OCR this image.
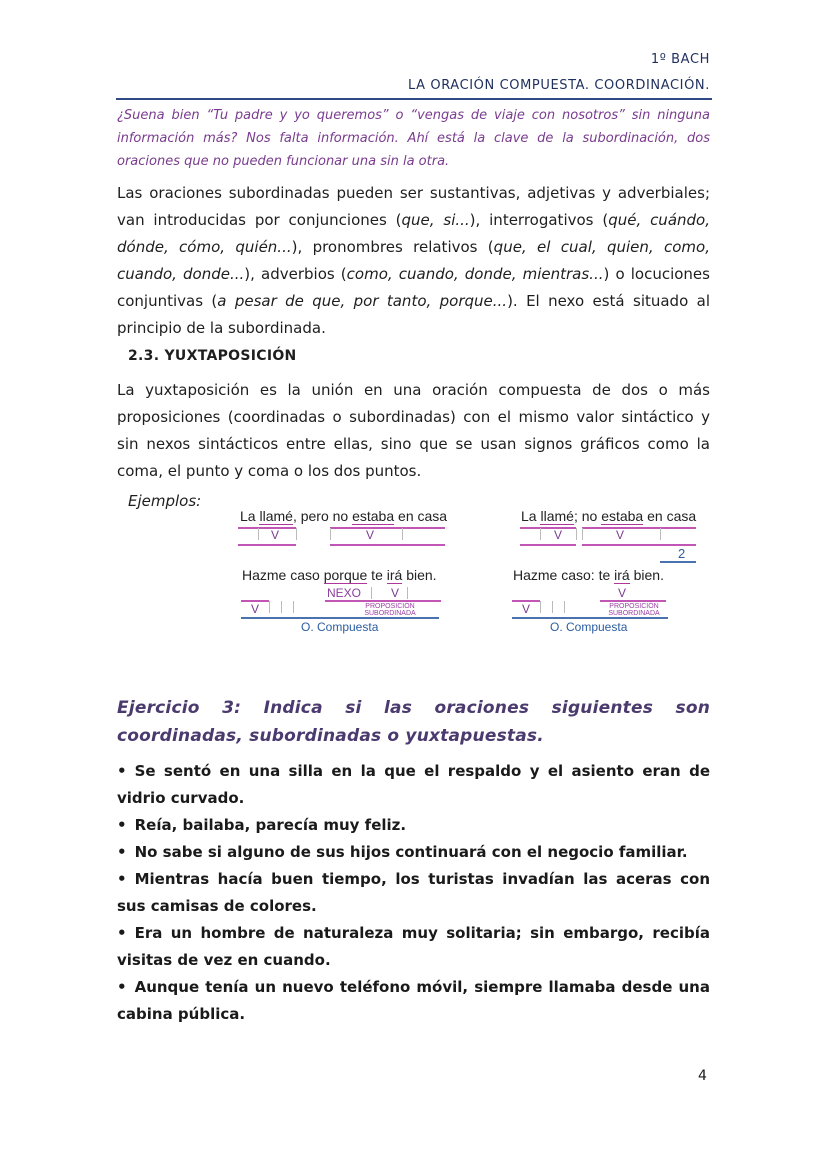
1º BACH
LA ORACIÓN COMPUESTA. COORDINACIÓN.
¿Suena bien “Tu padre y yo queremos” o “vengas de viaje con nosotros” sin ninguna información más? Nos falta información. Ahí está la clave de la subordinación, dos oraciones que no pueden funcionar una sin la otra.
Las oraciones subordinadas pueden ser sustantivas, adjetivas y adverbiales; van introducidas por conjunciones (que, si...), interrogativos (qué, cuándo, dónde, cómo, quién...), pronombres relativos (que, el cual, quien, como, cuando, donde...), adverbios (como, cuando, donde, mientras...) o locuciones conjuntivas (a pesar de que, por tanto, porque...). El nexo está situado al principio de la subordinada.
2.3. YUXTAPOSICIÓN
La yuxtaposición es la unión en una oración compuesta de dos o más proposiciones (coordinadas o subordinadas) con el mismo valor sintáctico y sin nexos sintácticos entre ellas, sino que se usan signos gráficos como la coma, el punto y coma o los dos puntos.
Ejemplos:
La llamé, pero no estaba en casa
V	V
La llamé; no estaba en casa
V	V
2
Hazme caso porque te irá bien.
NEXO V
V	PROPOSICIÓN
SUBORDINADA
O. Compuesta
Hazme caso: te irá bien.
V
V	PROPOSICIÓN
SUBORDINADA
O. Compuesta
Ejercicio 3: Indica si las oraciones siguientes son coordinadas, subordinadas o yuxtapuestas.
• Se sentó en una silla en la que el respaldo y el asiento eran de vidrio curvado.
• Reía, bailaba, parecía muy feliz.
• No sabe si alguno de sus hijos continuará con el negocio familiar.
• Mientras hacía buen tiempo, los turistas invadían las aceras con sus camisas de colores.
• Era un hombre de naturaleza muy solitaria; sin embargo, recibía visitas de vez en cuando.
• Aunque tenía un nuevo teléfono móvil, siempre llamaba desde una cabina pública.
4
